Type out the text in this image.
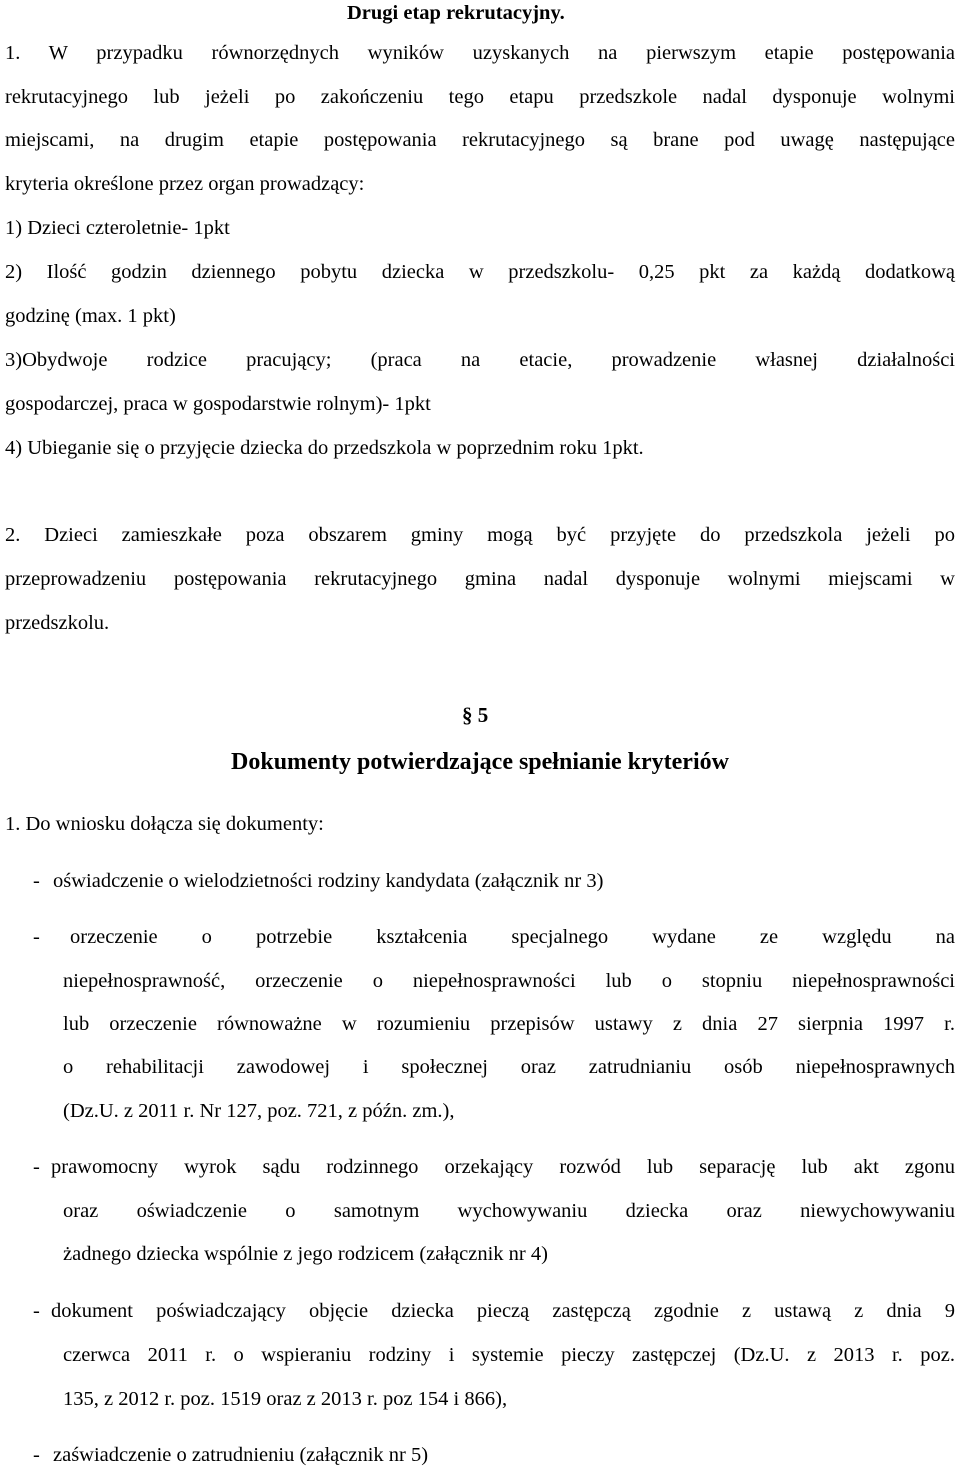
Drugi etap rekrutacyjny.
1. W przypadku równorzędnych wyników uzyskanych na pierwszym etapie postępowania
rekrutacyjnego lub jeżeli po zakończeniu tego etapu przedszkole nadal dysponuje wolnymi
miejscami, na drugim etapie postępowania rekrutacyjnego są brane pod uwagę następujące
kryteria określone przez organ prowadzący:
1) Dzieci czteroletnie- 1pkt
2) Ilość godzin dziennego pobytu dziecka w przedszkolu- 0,25 pkt za każdą dodatkową
godzinę (max. 1 pkt)
3)Obydwoje rodzice pracujący; (praca na etacie, prowadzenie własnej działalności
gospodarczej, praca w gospodarstwie rolnym)- 1pkt
4) Ubieganie się o przyjęcie dziecka do przedszkola w poprzednim roku 1pkt.
2. Dzieci zamieszkałe poza obszarem gminy mogą być przyjęte do przedszkola jeżeli po
przeprowadzeniu postępowania rekrutacyjnego gmina nadal dysponuje wolnymi miejscami w
przedszkolu.
§ 5
Dokumenty potwierdzające spełnianie kryteriów
1. Do wniosku dołącza się dokumenty:
- oświadczenie o wielodzietności rodziny kandydata (załącznik nr 3)
- orzeczenie o potrzebie kształcenia specjalnego wydane ze względu na
niepełnosprawność, orzeczenie o niepełnosprawności lub o stopniu niepełnosprawności
lub orzeczenie równoważne w rozumieniu przepisów ustawy z dnia 27 sierpnia 1997 r.
o rehabilitacji zawodowej i społecznej oraz zatrudnianiu osób niepełnosprawnych
(Dz.U. z 2011 r. Nr 127, poz. 721, z późn. zm.),
- prawomocny wyrok sądu rodzinnego orzekający rozwód lub separację lub akt zgonu
oraz oświadczenie o samotnym wychowywaniu dziecka oraz niewychowywaniu
żadnego dziecka wspólnie z jego rodzicem (załącznik nr 4)
- dokument poświadczający objęcie dziecka pieczą zastępczą zgodnie z ustawą z dnia 9
czerwca 2011 r. o wspieraniu rodziny i systemie pieczy zastępczej (Dz.U. z 2013 r. poz.
135, z 2012 r. poz. 1519 oraz z 2013 r. poz 154 i 866),
- zaświadczenie o zatrudnieniu (załącznik nr 5)
